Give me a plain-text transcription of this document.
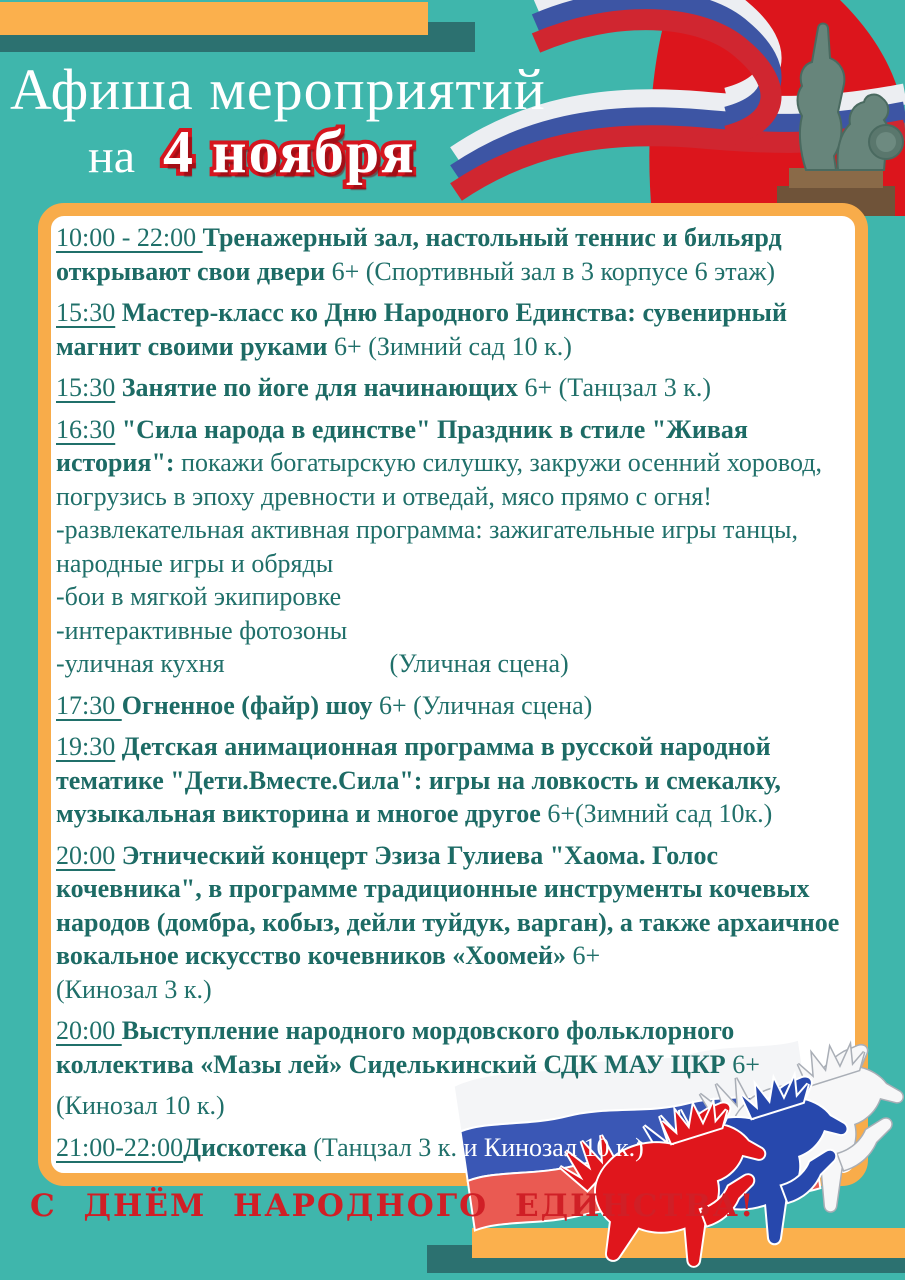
Афиша мероприятий
на 4 ноября

10:00 - 22:00 Тренажерный зал, настольный теннис и бильярд открывают свои двери 6+ (Спортивный зал в 3 корпусе 6 этаж)

15:30 Мастер-класс ко Дню Народного Единства: сувенирный магнит своими руками 6+ (Зимний сад 10 к.)

15:30 Занятие по йоге для начинающих 6+ (Танцзал 3 к.)

16:30 "Сила народа в единстве" Праздник в стиле "Живая история": покажи богатырскую силушку, закружи осенний хоровод, погрузись в эпоху древности и отведай, мясо прямо с огня!
-развлекательная активная программа: зажигательные игры танцы, народные игры и обряды
-бои в мягкой экипировке
-интерактивные фотозоны
-уличная кухня	(Уличная сцена)

17:30 Огненное (файр) шоу 6+ (Уличная сцена)

19:30 Детская анимационная программа в русской народной тематике "Дети.Вместе.Сила": игры на ловкость и смекалку, музыкальная викторина и многое другое 6+(Зимний сад 10к.)

20:00 Этнический концерт Эзиза Гулиева "Хаома. Голос кочевника", в программе традиционные инструменты кочевых народов (домбра, кобыз, дейли туйдук, варган), а также архаичное вокальное искусство кочевников «Хоомей» 6+
(Кинозал 3 к.)

20:00 Выступление народного мордовского фольклорного коллектива «Мазы лей» Сиделькинский СДК МАУ ЦКР 6+

(Кинозал 10 к.)

21:00-22:00Дискотека (Танцзал 3 к. и Кинозал 10 к.)

С ДНЁМ НАРОДНОГО ЕДИНСТВА!
